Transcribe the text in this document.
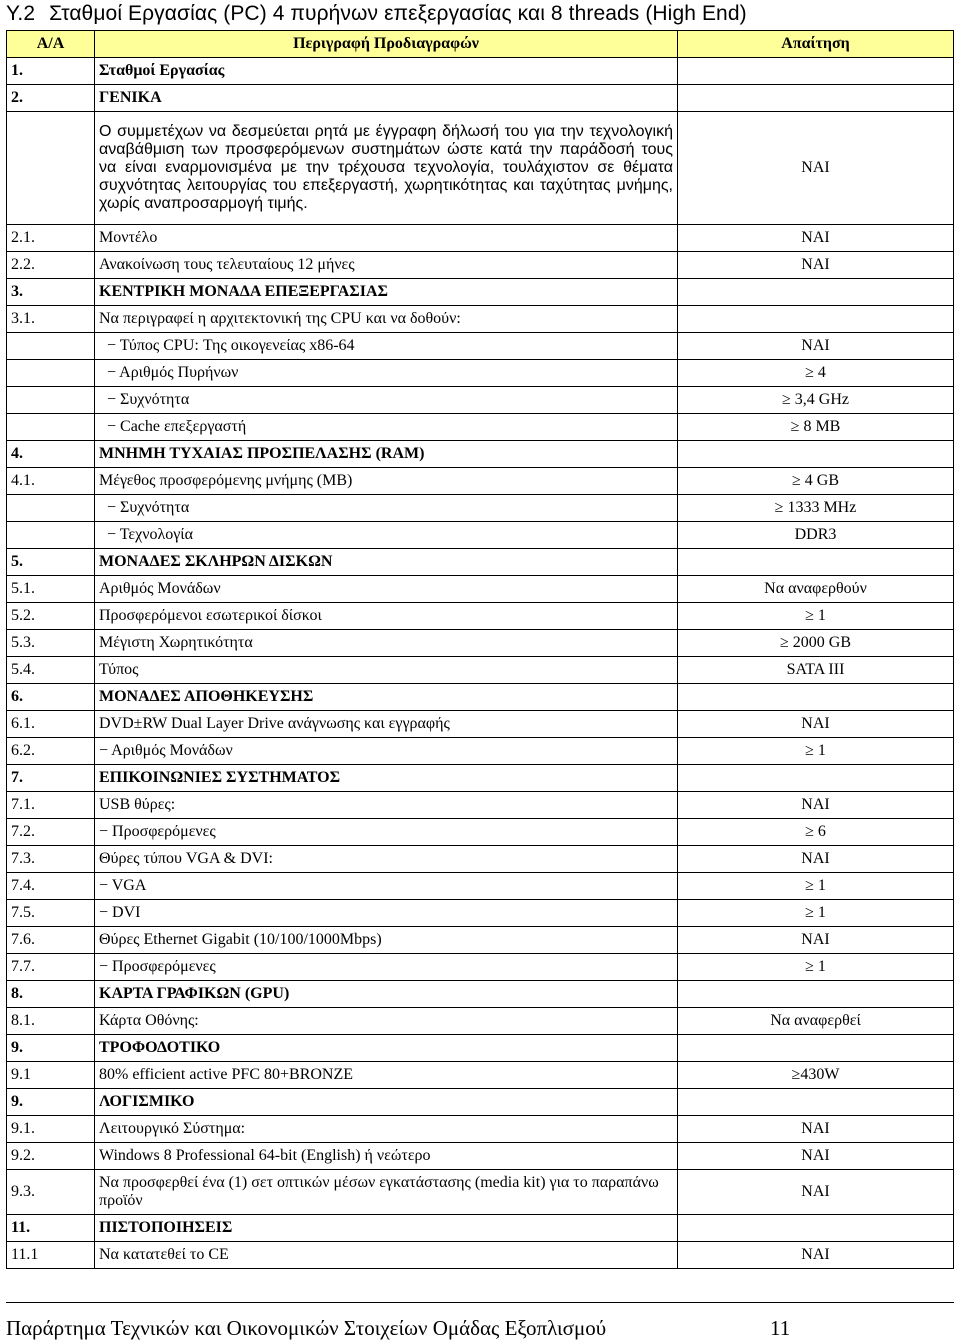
Υ.2 Σταθμοί Εργασίας (PC) 4 πυρήνων επεξεργασίας και 8 threads (High End)
Α/Α	Περιγραφή Προδιαγραφών	Απαίτηση
1.	Σταθμοί Εργασίας	
2.	ΓΕΝΙΚΑ	
	Ο συμμετέχων να δεσμεύεται ρητά με έγγραφη δήλωσή του για την τεχνολογική αναβάθμιση των προσφερόμενων συστημάτων ώστε κατά την παράδοσή τους να είναι εναρμονισμένα με την τρέχουσα τεχνολογία, τουλάχιστον σε θέματα συχνότητας λειτουργίας του επεξεργαστή, χωρητικότητας και ταχύτητας μνήμης, χωρίς αναπροσαρμογή τιμής.	ΝΑΙ
2.1.	Μοντέλο	ΝΑΙ
2.2.	Ανακοίνωση τους τελευταίους 12 μήνες	ΝΑΙ
3.	ΚΕΝΤΡΙΚΗ ΜΟΝΑΔΑ ΕΠΕΞΕΡΓΑΣΙΑΣ	
3.1.	Να περιγραφεί η αρχιτεκτονική της CPU και να δοθούν:	
	− Τύπος CPU: Της οικογενείας x86-64	ΝΑΙ
	− Αριθμός Πυρήνων	≥ 4
	− Συχνότητα	≥ 3,4 GHz
	− Cache επεξεργαστή	≥ 8 MB
4.	ΜΝΗΜΗ ΤΥΧΑΙΑΣ ΠΡΟΣΠΕΛΑΣΗΣ (RAM)	
4.1.	Μέγεθος προσφερόμενης μνήμης (MB)	≥ 4 GB
	− Συχνότητα	≥ 1333 MHz
	− Τεχνολογία	DDR3
5.	ΜΟΝΑΔΕΣ ΣΚΛΗΡΩΝ ΔΙΣΚΩΝ	
5.1.	Αριθμός Μονάδων	Να αναφερθούν
5.2.	Προσφερόμενοι εσωτερικοί δίσκοι	≥ 1
5.3.	Μέγιστη Χωρητικότητα	≥ 2000 GB
5.4.	Τύπος	SATA III
6.	ΜΟΝΑΔΕΣ ΑΠΟΘΗΚΕΥΣΗΣ	
6.1.	DVD±RW Dual Layer Drive ανάγνωσης και εγγραφής	ΝΑΙ
6.2.	− Αριθμός Μονάδων	≥ 1
7.	ΕΠΙΚΟΙΝΩΝΙΕΣ ΣΥΣΤΗΜΑΤΟΣ	
7.1.	USB θύρες:	ΝΑΙ
7.2.	− Προσφερόμενες	≥ 6
7.3.	Θύρες τύπου VGA & DVI:	ΝΑΙ
7.4.	− VGA	≥ 1
7.5.	− DVI	≥ 1
7.6.	Θύρες Ethernet Gigabit (10/100/1000Mbps)	ΝΑΙ
7.7.	− Προσφερόμενες	≥ 1
8.	ΚΑΡΤΑ ΓΡΑΦΙΚΩΝ (GPU)	
8.1.	Κάρτα Οθόνης:	Να αναφερθεί
9.	ΤΡΟΦΟΔΟΤΙΚΟ	
9.1	80% efficient active PFC 80+BRONZE	≥430W
9.	ΛΟΓΙΣΜΙΚΟ	
9.1.	Λειτουργικό Σύστημα:	ΝΑΙ
9.2.	Windows 8 Professional 64-bit (English) ή νεώτερο	ΝΑΙ
9.3.	Να προσφερθεί ένα (1) σετ οπτικών μέσων εγκατάστασης (media kit) για το παραπάνω προϊόν	ΝΑΙ
11.	ΠΙΣΤΟΠΟΙΗΣΕΙΣ	
11.1	Να κατατεθεί το CE	ΝΑΙ
Παράρτημα Τεχνικών και Οικονομικών Στοιχείων Ομάδας Εξοπλισμού	11
